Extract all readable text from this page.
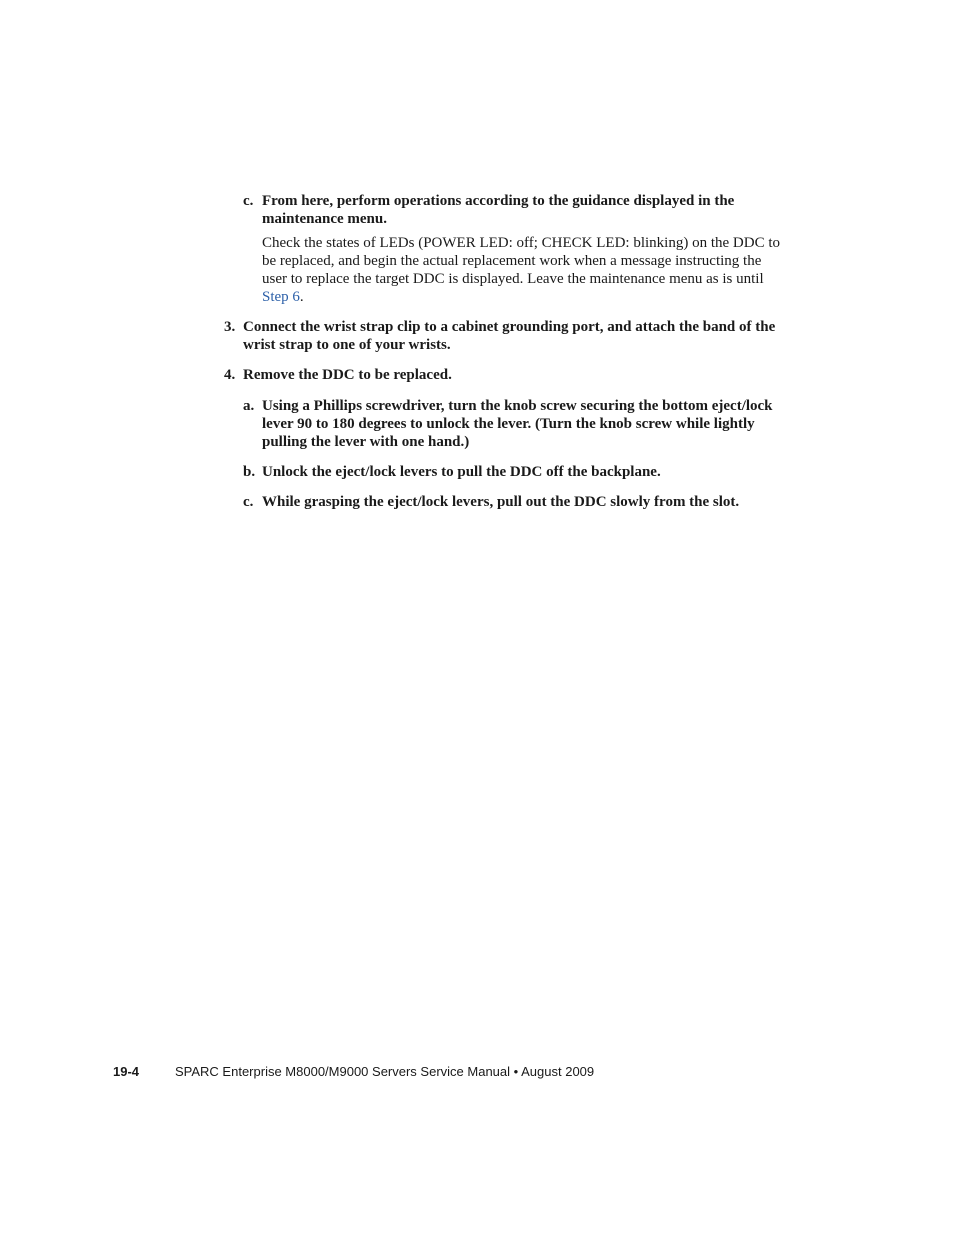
c. From here, perform operations according to the guidance displayed in the maintenance menu.
Check the states of LEDs (POWER LED: off; CHECK LED: blinking) on the DDC to be replaced, and begin the actual replacement work when a message instructing the user to replace the target DDC is displayed. Leave the maintenance menu as is until Step 6.
3. Connect the wrist strap clip to a cabinet grounding port, and attach the band of the wrist strap to one of your wrists.
4. Remove the DDC to be replaced.
a. Using a Phillips screwdriver, turn the knob screw securing the bottom eject/lock lever 90 to 180 degrees to unlock the lever. (Turn the knob screw while lightly pulling the lever with one hand.)
b. Unlock the eject/lock levers to pull the DDC off the backplane.
c. While grasping the eject/lock levers, pull out the DDC slowly from the slot.
19-4	SPARC Enterprise M8000/M9000 Servers Service Manual • August 2009
